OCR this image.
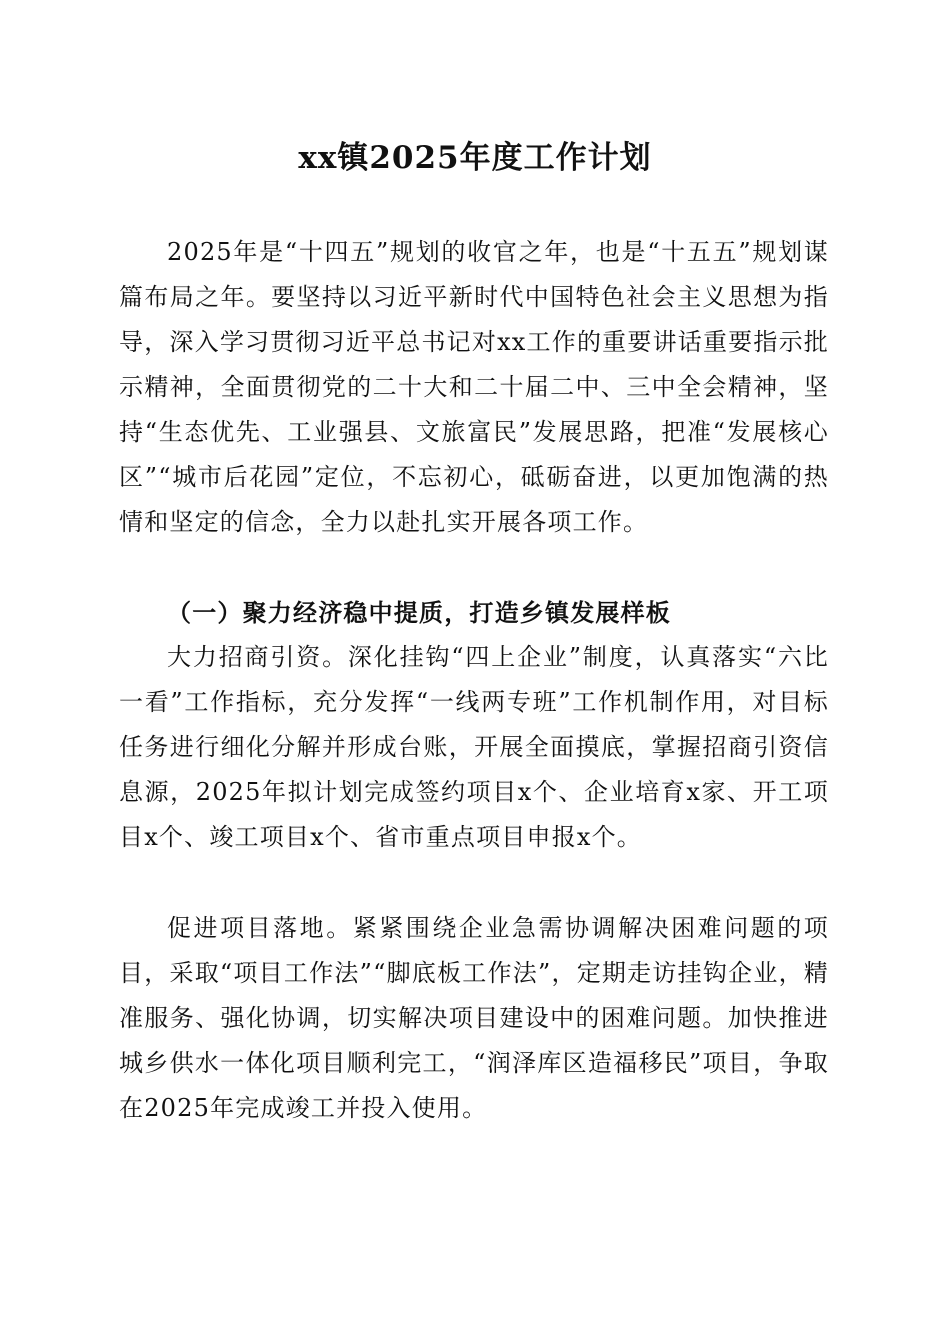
xx镇2025年度工作计划

2025年是“十四五”规划的收官之年，也是“十五五”规划谋篇布局之年。要坚持以习近平新时代中国特色社会主义思想为指导，深入学习贯彻习近平总书记对xx工作的重要讲话重要指示批示精神，全面贯彻党的二十大和二十届二中、三中全会精神，坚持“生态优先、工业强县、文旅富民”发展思路，把准“发展核心区”“城市后花园”定位，不忘初心，砥砺奋进，以更加饱满的热情和坚定的信念，全力以赴扎实开展各项工作。

（一）聚力经济稳中提质，打造乡镇发展样板

大力招商引资。深化挂钩“四上企业”制度，认真落实“六比一看”工作指标，充分发挥“一线两专班”工作机制作用，对目标任务进行细化分解并形成台账，开展全面摸底，掌握招商引资信息源，2025年拟计划完成签约项目x个、企业培育x家、开工项目x个、竣工项目x个、省市重点项目申报x个。

促进项目落地。紧紧围绕企业急需协调解决困难问题的项目，采取“项目工作法”“脚底板工作法”，定期走访挂钩企业，精准服务、强化协调，切实解决项目建设中的困难问题。加快推进城乡供水一体化项目顺利完工，“润泽库区造福移民”项目，争取在2025年完成竣工并投入使用。
